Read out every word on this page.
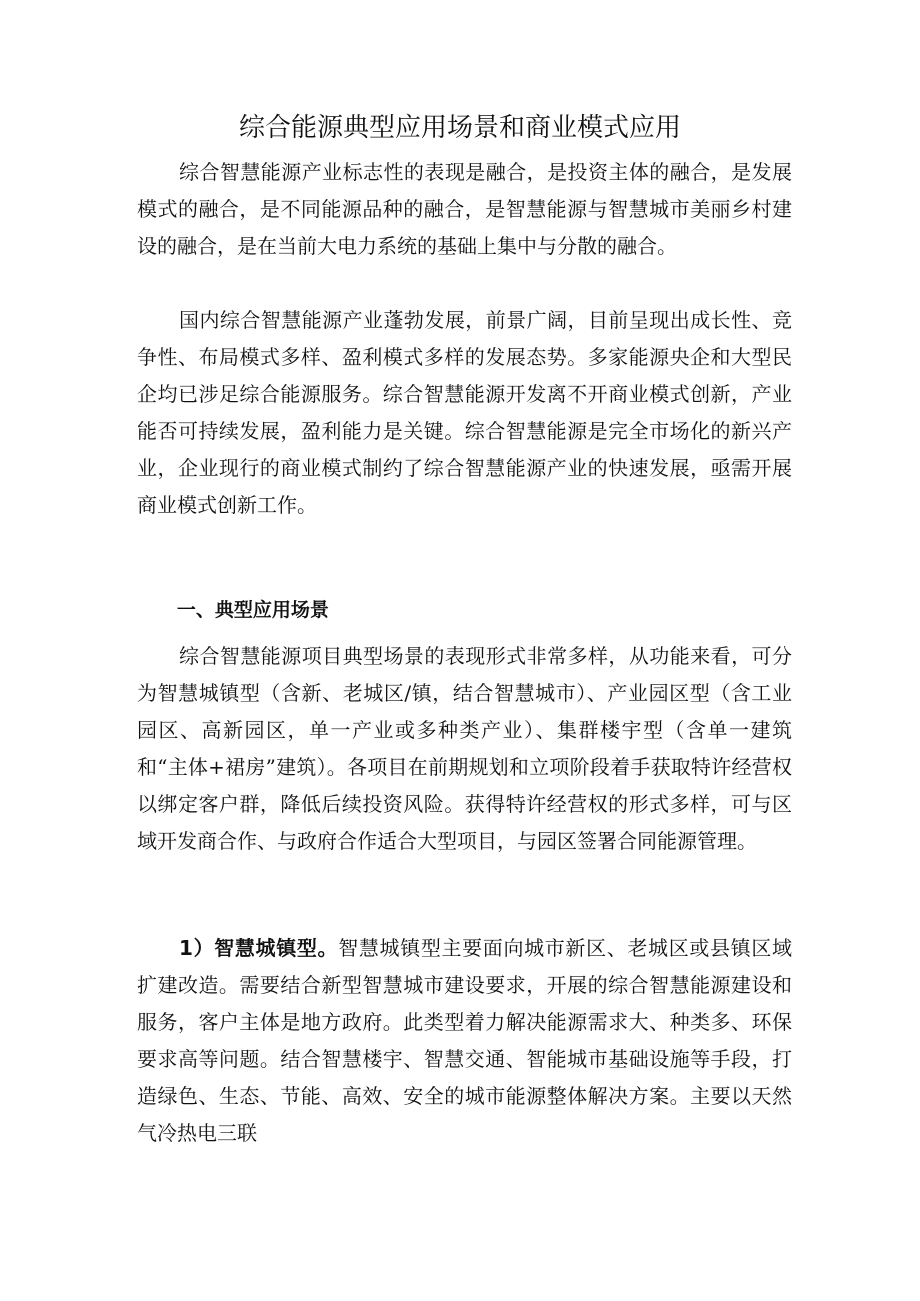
综合能源典型应用场景和商业模式应用

综合智慧能源产业标志性的表现是融合，是投资主体的融合，是发展模式的融合，是不同能源品种的融合，是智慧能源与智慧城市美丽乡村建设的融合，是在当前大电力系统的基础上集中与分散的融合。

国内综合智慧能源产业蓬勃发展，前景广阔，目前呈现出成长性、竞争性、布局模式多样、盈利模式多样的发展态势。多家能源央企和大型民企均已涉足综合能源服务。综合智慧能源开发离不开商业模式创新，产业能否可持续发展，盈利能力是关键。综合智慧能源是完全市场化的新兴产业，企业现行的商业模式制约了综合智慧能源产业的快速发展，亟需开展商业模式创新工作。

一、典型应用场景

综合智慧能源项目典型场景的表现形式非常多样，从功能来看，可分为智慧城镇型（含新、老城区/镇，结合智慧城市）、产业园区型（含工业园区、高新园区，单一产业或多种类产业）、集群楼宇型（含单一建筑和“主体+裙房”建筑）。各项目在前期规划和立项阶段着手获取特许经营权以绑定客户群，降低后续投资风险。获得特许经营权的形式多样，可与区域开发商合作、与政府合作适合大型项目，与园区签署合同能源管理。

1）智慧城镇型。智慧城镇型主要面向城市新区、老城区或县镇区域扩建改造。需要结合新型智慧城市建设要求，开展的综合智慧能源建设和服务，客户主体是地方政府。此类型着力解决能源需求大、种类多、环保要求高等问题。结合智慧楼宇、智慧交通、智能城市基础设施等手段，打造绿色、生态、节能、高效、安全的城市能源整体解决方案。主要以天然气冷热电三联
